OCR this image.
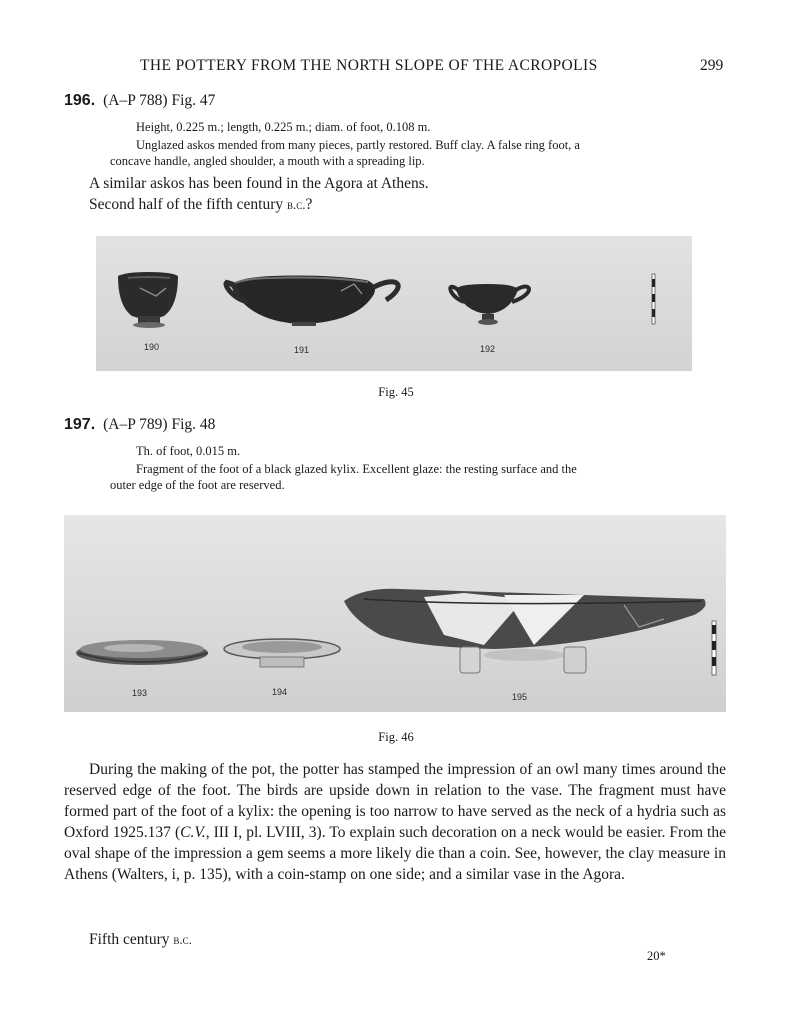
THE POTTERY FROM THE NORTH SLOPE OF THE ACROPOLIS	299
196. (A–P 788) Fig. 47
Height, 0.225 m.; length, 0.225 m.; diam. of foot, 0.108 m.
Unglazed askos mended from many pieces, partly restored. Buff clay. A false ring foot, a
concave handle, angled shoulder, a mouth with a spreading lip.
A similar askos has been found in the Agora at Athens.
Second half of the fifth century b.c.?
190	191	192
Fig. 45
197. (A–P 789) Fig. 48
Th. of foot, 0.015 m.
Fragment of the foot of a black glazed kylix. Excellent glaze: the resting surface and the
outer edge of the foot are reserved.
193	194	195
Fig. 46

During the making of the pot, the potter has stamped the impression of an owl many times around the reserved edge of the foot. The birds are upside down in relation to the vase. The fragment must have formed part of the foot of a kylix: the opening is too narrow to have served as the neck of a hydria such as Oxford 1925.137 (C.V., III I, pl. LVIII, 3). To explain such decoration on a neck would be easier. From the oval shape of the impression a gem seems a more likely die than a coin. See, however, the clay measure in Athens (Walters, i, p. 135), with a coin-stamp on one side; and a similar vase in the Agora.

Fifth century b.c.
20*
